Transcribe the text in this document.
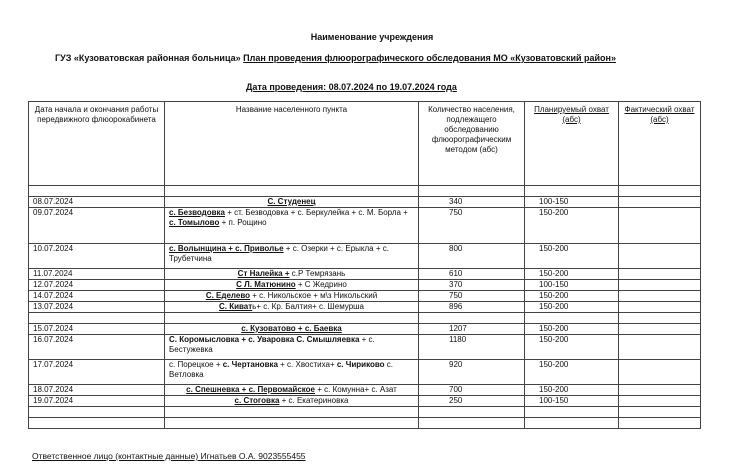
Наименование учреждения
ГУЗ «Кузоватовская районная больница» План проведения флюорографического обследования МО «Кузоватовский район»
Дата проведения: 08.07.2024 по 19.07.2024 года
Дата начала и окончания работы передвижного флюорокабинета	Название населенного пункта	Количество населения, подлежащего обследованию флюорографическим методом (абс)	Планируемый охват (абс)	Фактический охват (абс)

08.07.2024	С. Студенец	340	100-150	
09.07.2024	с. Безводовка + ст. Безводовка + с. Беркулейка + с. М. Борла + с. Томылово + п. Рощино	750	150-200	
10.07.2024	с. Волынщина + с. Приволье + с. Озерки + с. Ерыкла + с. Трубетчина	800	150-200	
11.07.2024	Ст Налейка + с.Р Темрязань	610	150-200	
12.07.2024	С Л. Матюнино + С Жедрино	370	100-150	
14.07.2024	С. Еделево + с. Никольское + м\з Никольский	750	150-200	
13.07.2024	С. Кивать+ с. Кр. Балтия+ с. Шемурша	896	150-200	

15.07.2024	с. Кузоватово + с. Баевка	1207	150-200	
16.07.2024	С. Коромысловка + с. Уваровка С. Смышляевка + с. Бестужевка	1180	150-200	
17.07.2024	с. Порецкое + с. Чертановка + с. Хвостиха+ с. Чириково с. Ветловка	920	150-200	
18.07.2024	с. Спешневка + с. Первомайское + с. Комунна+ с. Азат	700	150-200	
19.07.2024	с. Стоговка + с. Екатериновка	250	100-150	

Ответственное лицо (контактные данные) Игнатьев О.А. 9023555455
